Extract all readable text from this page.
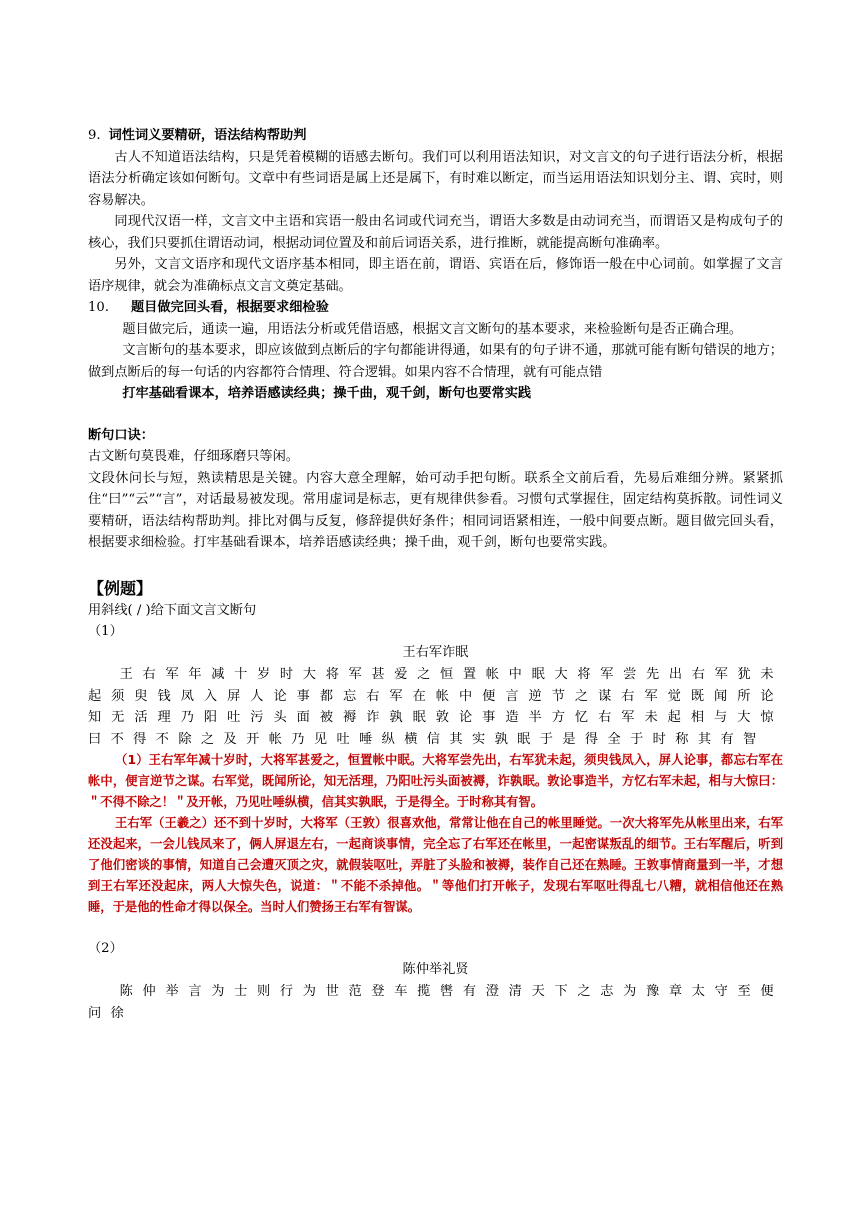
9. 词性词义要精研，语法结构帮助判

古人不知道语法结构，只是凭着模糊的语感去断句。我们可以利用语法知识，对文言文的句子进行语法分析，根据语法分析确定该如何断句。文章中有些词语是属上还是属下，有时难以断定，而当运用语法知识划分主、谓、宾时，则容易解决。

同现代汉语一样，文言文中主语和宾语一般由名词或代词充当，谓语大多数是由动词充当，而谓语又是构成句子的核心，我们只要抓住谓语动词，根据动词位置及和前后词语关系，进行推断，就能提高断句准确率。

另外，文言文语序和现代文语序基本相同，即主语在前，谓语、宾语在后，修饰语一般在中心词前。如掌握了文言语序规律，就会为准确标点文言文奠定基础。

10. 题目做完回头看，根据要求细检验

题目做完后，通读一遍，用语法分析或凭借语感，根据文言文断句的基本要求，来检验断句是否正确合理。

文言断句的基本要求，即应该做到点断后的字句都能讲得通，如果有的句子讲不通，那就可能有断句错误的地方；做到点断后的每一句话的内容都符合情理、符合逻辑。如果内容不合情理，就有可能点错

打牢基础看课本，培养语感读经典；操千曲，观千剑，断句也要常实践

断句口诀：

古文断句莫畏难，仔细琢磨只等闲。

文段休问长与短，熟读精思是关键。内容大意全理解，始可动手把句断。联系全文前后看，先易后难细分辨。紧紧抓住“曰”“云”“言”，对话最易被发现。常用虚词是标志，更有规律供参看。习惯句式掌握住，固定结构莫拆散。词性词义要精研，语法结构帮助判。排比对偶与反复，修辞提供好条件；相同词语紧相连，一般中间要点断。题目做完回头看，根据要求细检验。打牢基础看课本，培养语感读经典；操千曲，观千剑，断句也要常实践。

【例题】

用斜线( / )给下面文言文断句

（1）

王右军诈眠

王右军年减十岁时大将军甚爱之恒置帐中眠大将军尝先出右军犹未起须臾钱凤入屏人论事都忘右军在帐中便言逆节之谋右军觉既闻所论知无活理乃阳吐污头面被褥诈孰眠敦论事造半方忆右军未起相与大惊曰不得不除之及开帐乃见吐唾纵横信其实孰眠于是得全于时称其有智

（1）王右军年减十岁时，大将军甚爱之，恒置帐中眠。大将军尝先出，右军犹未起，须臾钱凤入，屏人论事，都忘右军在帐中，便言逆节之谋。右军觉，既闻所论，知无活理，乃阳吐污头面被褥，诈孰眠。敦论事造半，方忆右军未起，相与大惊曰：＂不得不除之！＂及开帐，乃见吐唾纵横，信其实孰眠，于是得全。于时称其有智。

王右军（王羲之）还不到十岁时，大将军（王敦）很喜欢他，常常让他在自己的帐里睡觉。一次大将军先从帐里出来，右军还没起来，一会儿钱凤来了，俩人屏退左右，一起商谈事情，完全忘了右军还在帐里，一起密谋叛乱的细节。王右军醒后，听到了他们密谈的事情，知道自己会遭灭顶之灾，就假装呕吐，弄脏了头脸和被褥，装作自己还在熟睡。王敦事情商量到一半，才想到王右军还没起床，两人大惊失色，说道：＂不能不杀掉他。＂等他们打开帐子，发现右军呕吐得乱七八糟，就相信他还在熟睡，于是他的性命才得以保全。当时人们赞扬王右军有智谋。

（2）

陈仲举礼贤

陈仲举言为士则行为世范登车揽辔有澄清天下之志为豫章太守至便问徐
